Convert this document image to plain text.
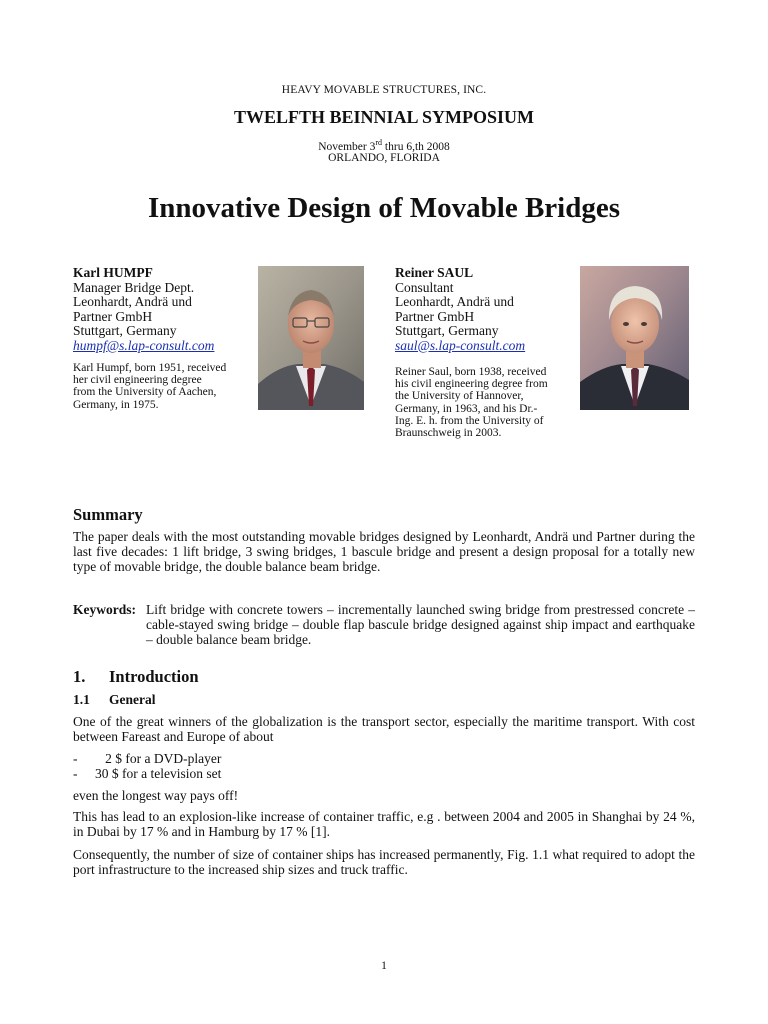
HEAVY MOVABLE STRUCTURES, INC.
TWELFTH BEINNIAL SYMPOSIUM
November 3rd thru 6,th 2008
ORLANDO, FLORIDA
Innovative Design of Movable Bridges
Karl HUMPF
Manager Bridge Dept.
Leonhardt, Andrä und
Partner GmbH
Stuttgart, Germany
humpf@s.lap-consult.com
Karl Humpf, born 1951, received
her civil engineering degree
from the University of Aachen,
Germany, in 1975.
Reiner SAUL
Consultant
Leonhardt, Andrä und
Partner GmbH
Stuttgart, Germany
saul@s.lap-consult.com
Reiner Saul, born 1938, received
his civil engineering degree from
the University of Hannover,
Germany, in 1963, and his Dr.-
Ing. E. h. from the University of
Braunschweig in 2003.
Summary
The paper deals with the most outstanding movable bridges designed by Leonhardt, Andrä und Partner during the last five decades: 1 lift bridge, 3 swing bridges, 1 bascule bridge and present a design proposal for a totally new type of movable bridge, the double balance beam bridge.
Keywords: Lift bridge with concrete towers – incrementally launched swing bridge from prestressed concrete – cable-stayed swing bridge – double flap bascule bridge designed against ship impact and earthquake – double balance beam bridge.
1. Introduction
1.1 General
One of the great winners of the globalization is the transport sector, especially the maritime transport. With cost between Fareast and Europe of about
-   2 $ for a DVD-player
- 30 $ for a television set
even the longest way pays off!
This has lead to an explosion-like increase of container traffic, e.g . between 2004 and 2005 in Shanghai by 24 %, in Dubai by 17 % and in Hamburg by 17 % [1].
Consequently, the number of size of container ships has increased permanently, Fig. 1.1 what required to adopt the port infrastructure to the increased ship sizes and truck traffic.
1
